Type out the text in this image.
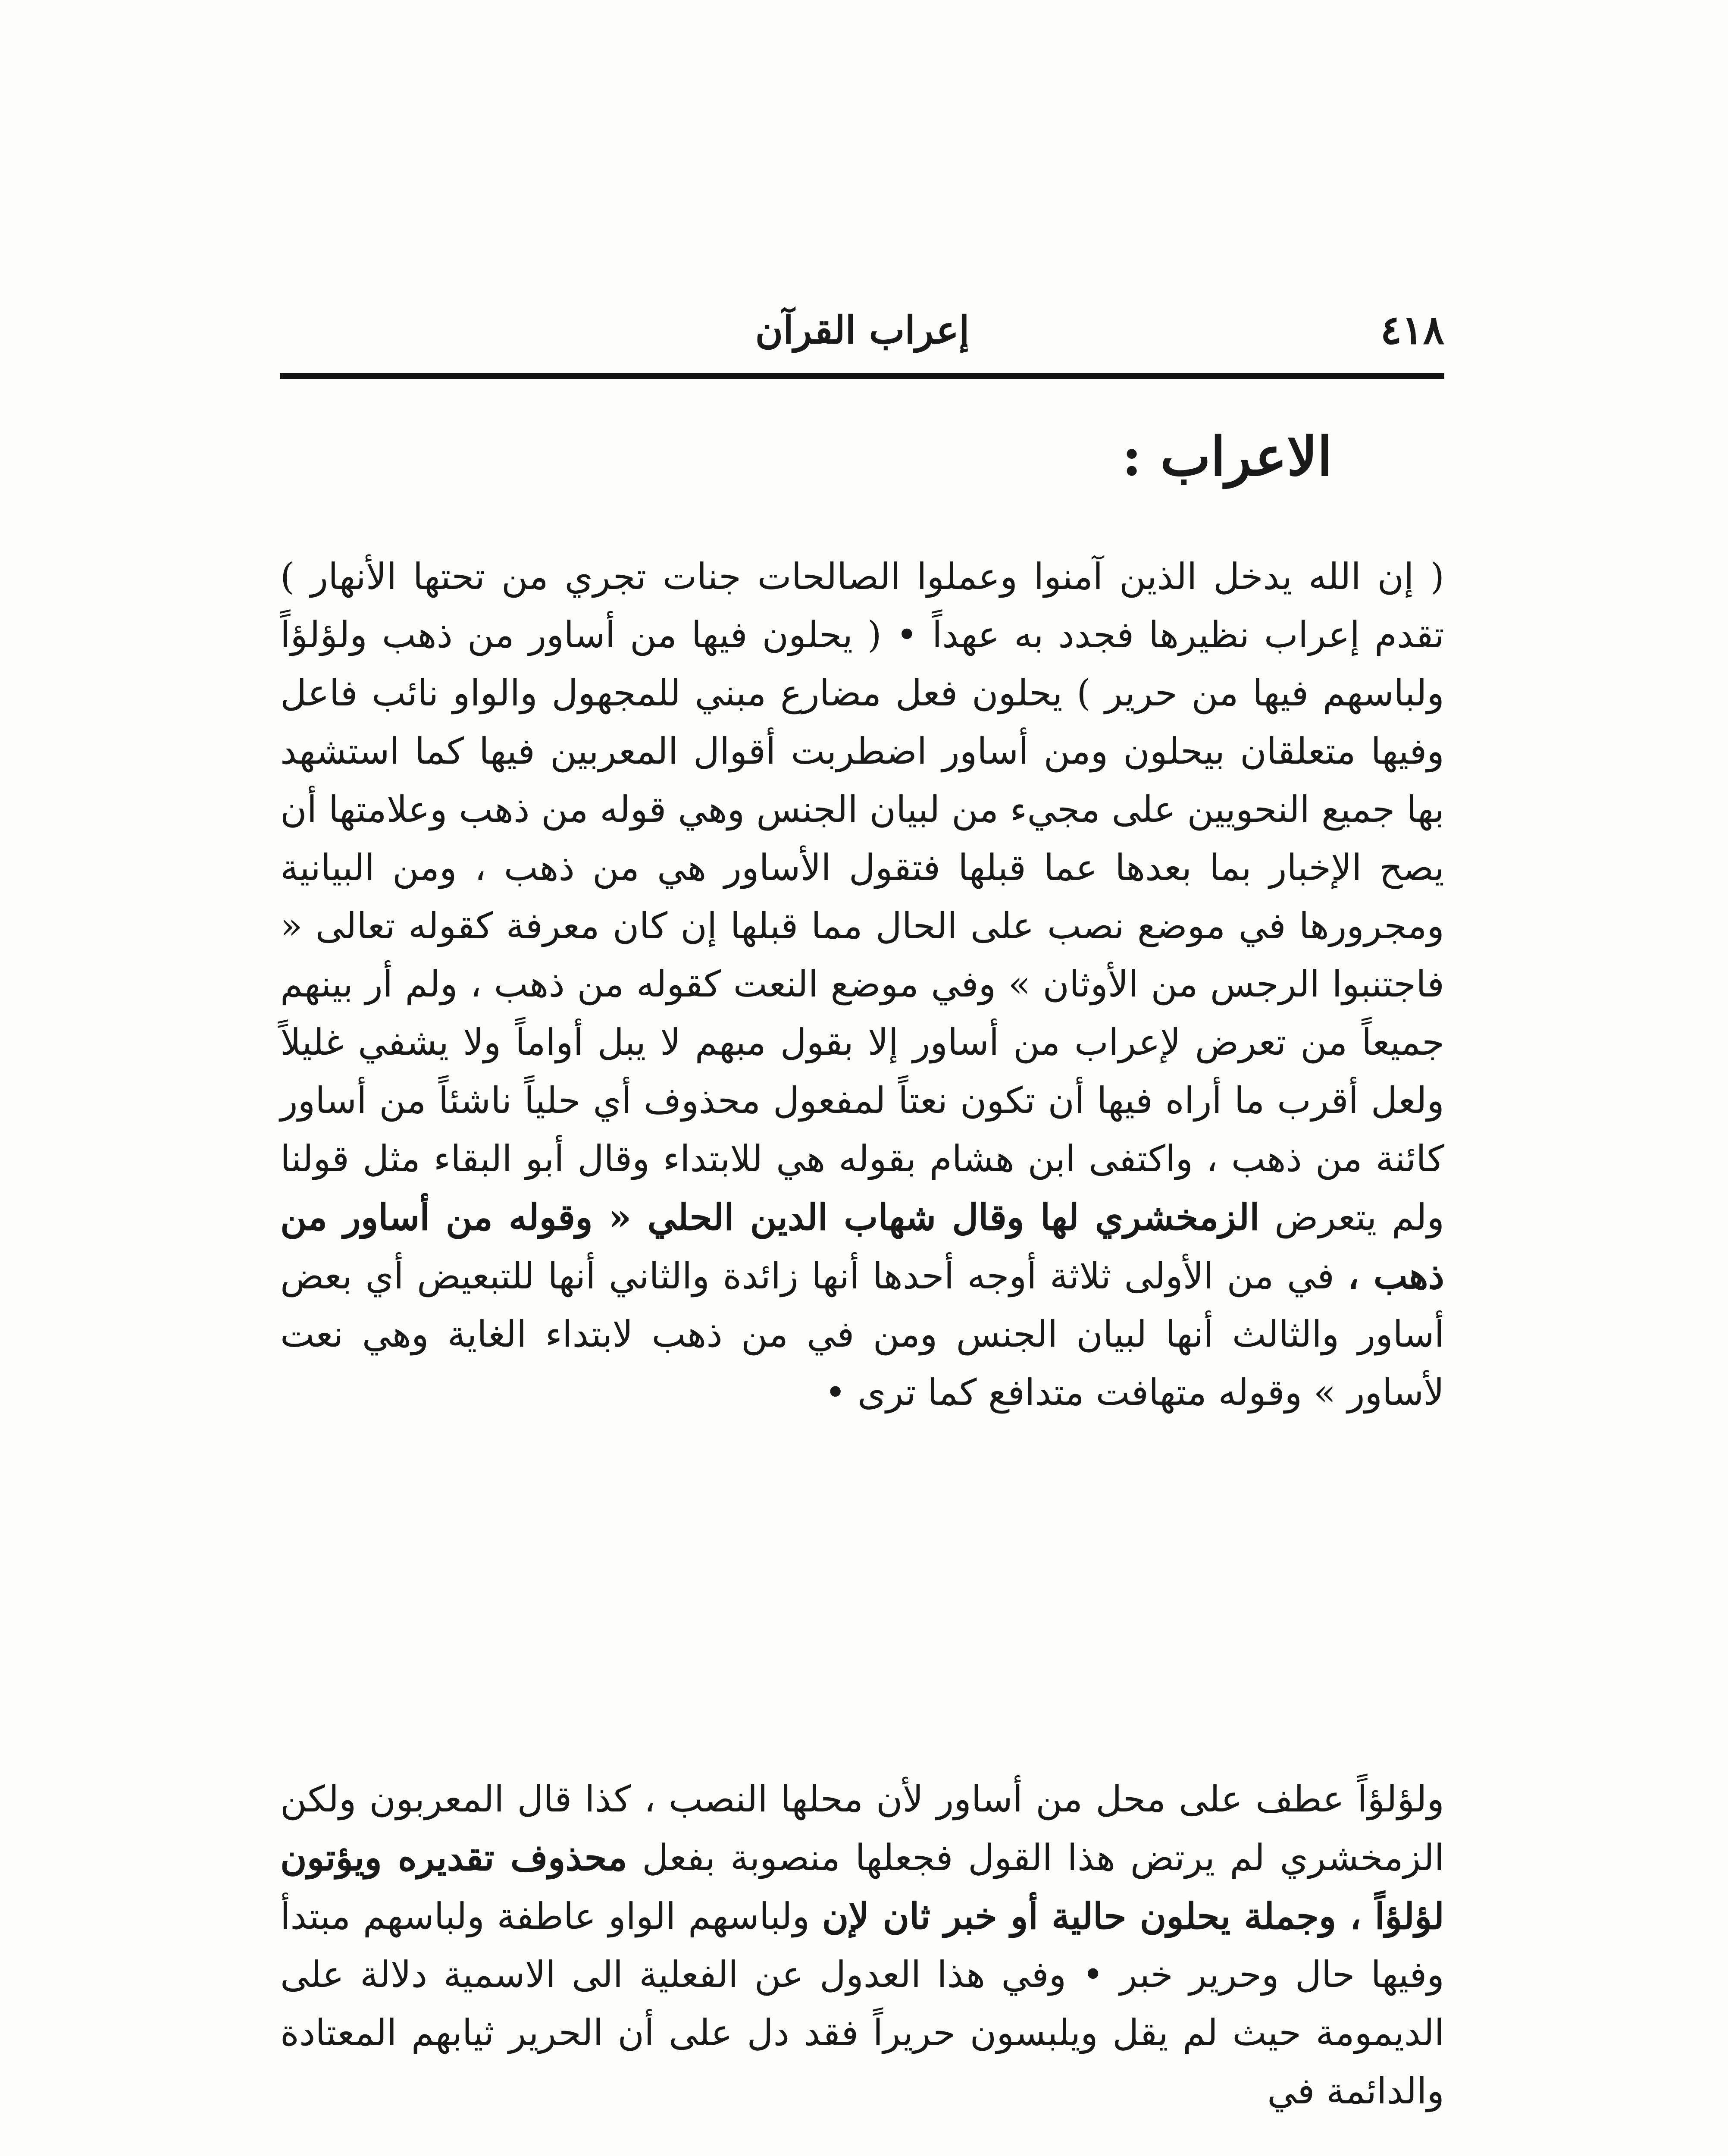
٤١٨
إعراب القرآن
الاعراب :

( إن الله يدخل الذين آمنوا وعملوا الصالحات جنات تجري من تحتها الأنهار ) تقدم إعراب نظيرها فجدد به عهداً • ( يحلون فيها من أساور من ذهب ولؤلؤاً ولباسهم فيها من حرير ) يحلون فعل مضارع مبني للمجهول والواو نائب فاعل وفيها متعلقان بيحلون ومن أساور اضطربت أقوال المعربين فيها كما استشهد بها جميع النحويين على مجيء من لبيان الجنس وهي قوله من ذهب وعلامتها أن يصح الإخبار بما بعدها عما قبلها فتقول الأساور هي من ذهب ، ومن البيانية ومجرورها في موضع نصب على الحال مما قبلها إن كان معرفة كقوله تعالى « فاجتنبوا الرجس من الأوثان » وفي موضع النعت كقوله من ذهب ، ولم أر بينهم جميعاً من تعرض لإعراب من أساور إلا بقول مبهم لا يبل أواماً ولا يشفي غليلاً ولعل أقرب ما أراه فيها أن تكون نعتاً لمفعول محذوف أي حلياً ناشئاً من أساور كائنة من ذهب ، واكتفى ابن هشام بقوله هي للابتداء وقال أبو البقاء مثل قولنا ولم يتعرض الزمخشري لها وقال شهاب الدين الحلي « وقوله من أساور من ذهب ، في من الأولى ثلاثة أوجه أحدها أنها زائدة والثاني أنها للتبعيض أي بعض أساور والثالث أنها لبيان الجنس ومن في من ذهب لابتداء الغاية وهي نعت لأساور » وقوله متهافت متدافع كما ترى •

ولؤلؤاً عطف على محل من أساور لأن محلها النصب ، كذا قال المعربون ولكن الزمخشري لم يرتض هذا القول فجعلها منصوبة بفعل محذوف تقديره ويؤتون لؤلؤاً ، وجملة يحلون حالية أو خبر ثان لإن ولباسهم الواو عاطفة ولباسهم مبتدأ وفيها حال وحرير خبر • وفي هذا العدول عن الفعلية الى الاسمية دلالة على الديمومة حيث لم يقل ويلبسون حريراً فقد دل على أن الحرير ثيابهم المعتادة والدائمة في
